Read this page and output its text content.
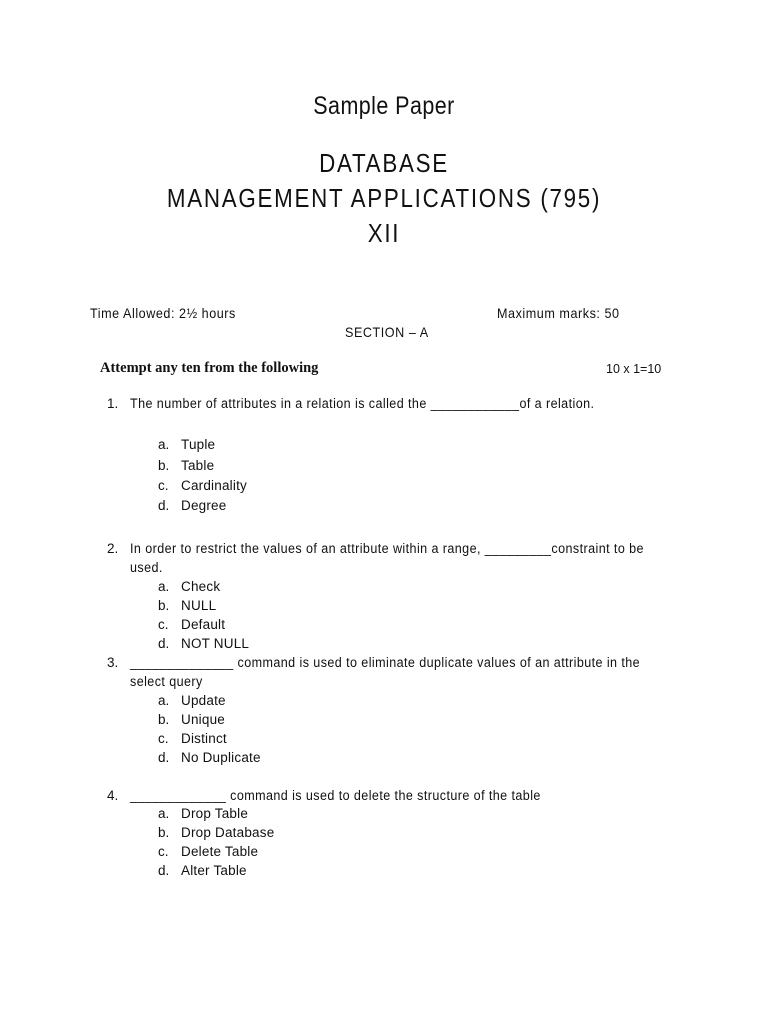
Sample Paper
DATABASE
MANAGEMENT APPLICATIONS (795)
XII
Time Allowed: 2½ hours	Maximum marks: 50
SECTION – A
Attempt any ten from the following	10 x 1=10
1. The number of attributes in a relation is called the ____________of a relation.
a. Tuple
b. Table
c. Cardinality
d. Degree
2. In order to restrict the values of an attribute within a range, _________constraint to be
used.
a. Check
b. NULL
c. Default
d. NOT NULL
3. ______________ command is used to eliminate duplicate values of an attribute in the
select query
a. Update
b. Unique
c. Distinct
d. No Duplicate
4. _____________ command is used to delete the structure of the table
a. Drop Table
b. Drop Database
c. Delete Table
d. Alter Table
